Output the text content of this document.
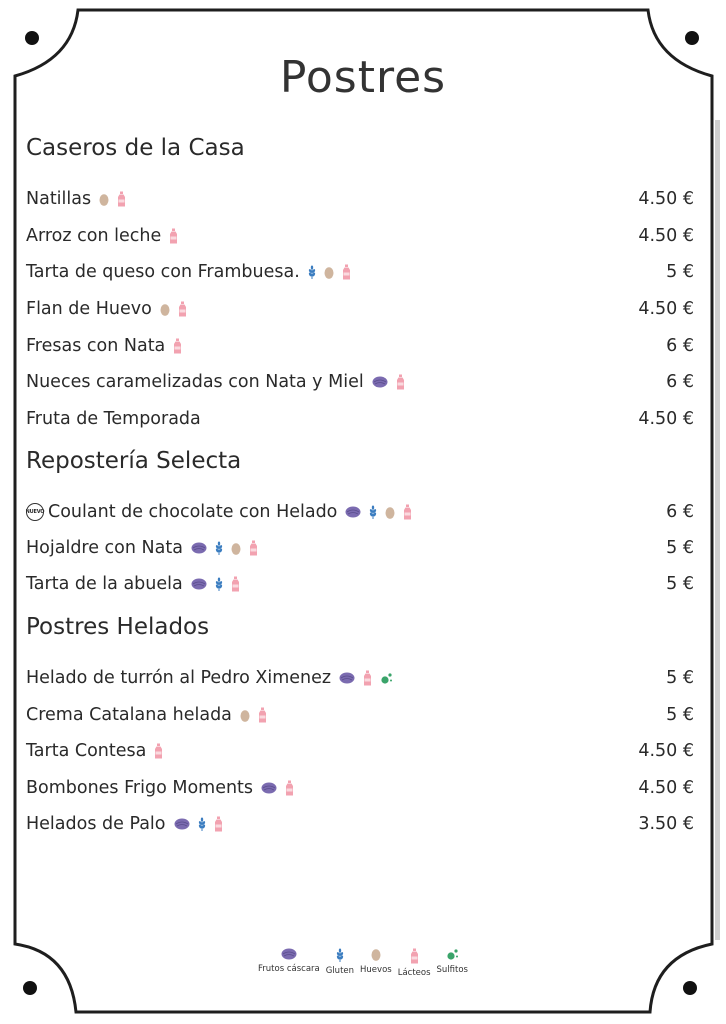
Postres
Caseros de la Casa
Natillas	4.50 €
Arroz con leche	4.50 €
Tarta de queso con Frambuesa.	5 €
Flan de Huevo	4.50 €
Fresas con Nata	6 €
Nueces caramelizadas con Nata y Miel	6 €
Fruta de Temporada	4.50 €
Repostería Selecta
NUEVO Coulant de chocolate con Helado	6 €
Hojaldre con Nata	5 €
Tarta de la abuela	5 €
Postres Helados
Helado de turrón al Pedro Ximenez	5 €
Crema Catalana helada	5 €
Tarta Contesa	4.50 €
Bombones Frigo Moments	4.50 €
Helados de Palo	3.50 €
Frutos cáscara Gluten Huevos Lácteos Sulfitos
